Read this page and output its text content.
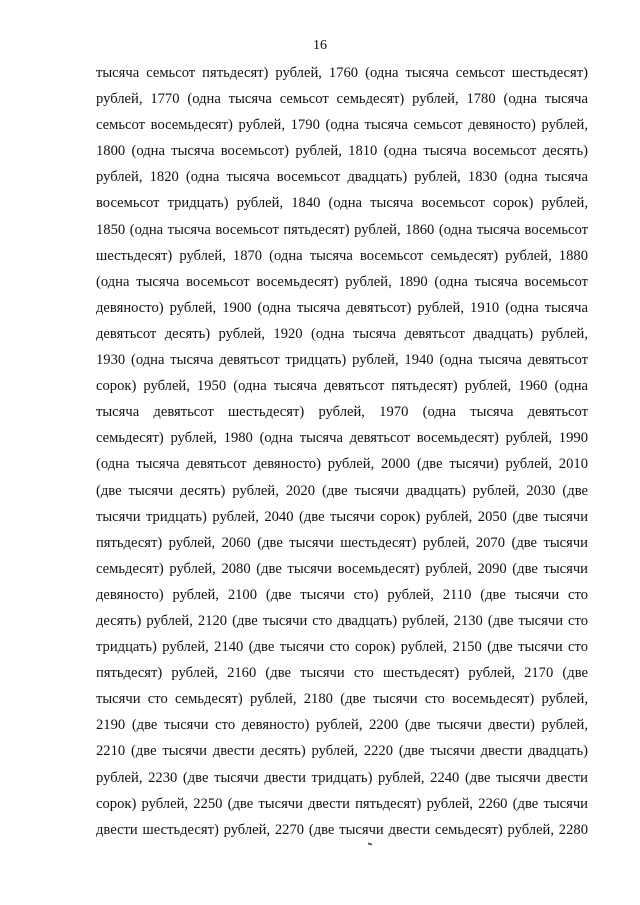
16
тысяча семьсот пятьдесят) рублей, 1760 (одна тысяча семьсот шестьдесят)
рублей, 1770 (одна тысяча семьсот семьдесят) рублей, 1780 (одна тысяча
семьсот восемьдесят) рублей, 1790 (одна тысяча семьсот девяносто) рублей,
1800 (одна тысяча восемьсот) рублей, 1810 (одна тысяча восемьсот десять)
рублей, 1820 (одна тысяча восемьсот двадцать) рублей, 1830 (одна тысяча
восемьсот тридцать) рублей, 1840 (одна тысяча восемьсот сорок) рублей,
1850 (одна тысяча восемьсот пятьдесят) рублей, 1860 (одна тысяча восемьсот
шестьдесят) рублей, 1870 (одна тысяча восемьсот семьдесят) рублей, 1880
(одна тысяча восемьсот восемьдесят) рублей, 1890 (одна тысяча восемьсот
девяносто) рублей, 1900 (одна тысяча девятьсот) рублей, 1910 (одна тысяча
девятьсот десять) рублей, 1920 (одна тысяча девятьсот двадцать) рублей,
1930 (одна тысяча девятьсот тридцать) рублей, 1940 (одна тысяча девятьсот
сорок) рублей, 1950 (одна тысяча девятьсот пятьдесят) рублей, 1960 (одна
тысяча девятьсот шестьдесят) рублей, 1970 (одна тысяча девятьсот
семьдесят) рублей, 1980 (одна тысяча девятьсот восемьдесят) рублей, 1990
(одна тысяча девятьсот девяносто) рублей, 2000 (две тысячи) рублей, 2010
(две тысячи десять) рублей, 2020 (две тысячи двадцать) рублей, 2030 (две
тысячи тридцать) рублей, 2040 (две тысячи сорок) рублей, 2050 (две тысячи
пятьдесят) рублей, 2060 (две тысячи шестьдесят) рублей, 2070 (две тысячи
семьдесят) рублей, 2080 (две тысячи восемьдесят) рублей, 2090 (две тысячи
девяносто) рублей, 2100 (две тысячи сто) рублей, 2110 (две тысячи сто
десять) рублей, 2120 (две тысячи сто двадцать) рублей, 2130 (две тысячи сто
тридцать) рублей, 2140 (две тысячи сто сорок) рублей, 2150 (две тысячи сто
пятьдесят) рублей, 2160 (две тысячи сто шестьдесят) рублей, 2170 (две
тысячи сто семьдесят) рублей, 2180 (две тысячи сто восемьдесят) рублей,
2190 (две тысячи сто девяносто) рублей, 2200 (две тысячи двести) рублей,
2210 (две тысячи двести десять) рублей, 2220 (две тысячи двести двадцать)
рублей, 2230 (две тысячи двести тридцать) рублей, 2240 (две тысячи двести
сорок) рублей, 2250 (две тысячи двести пятьдесят) рублей, 2260 (две тысячи
двести шестьдесят) рублей, 2270 (две тысячи двести семьдесят) рублей, 2280
